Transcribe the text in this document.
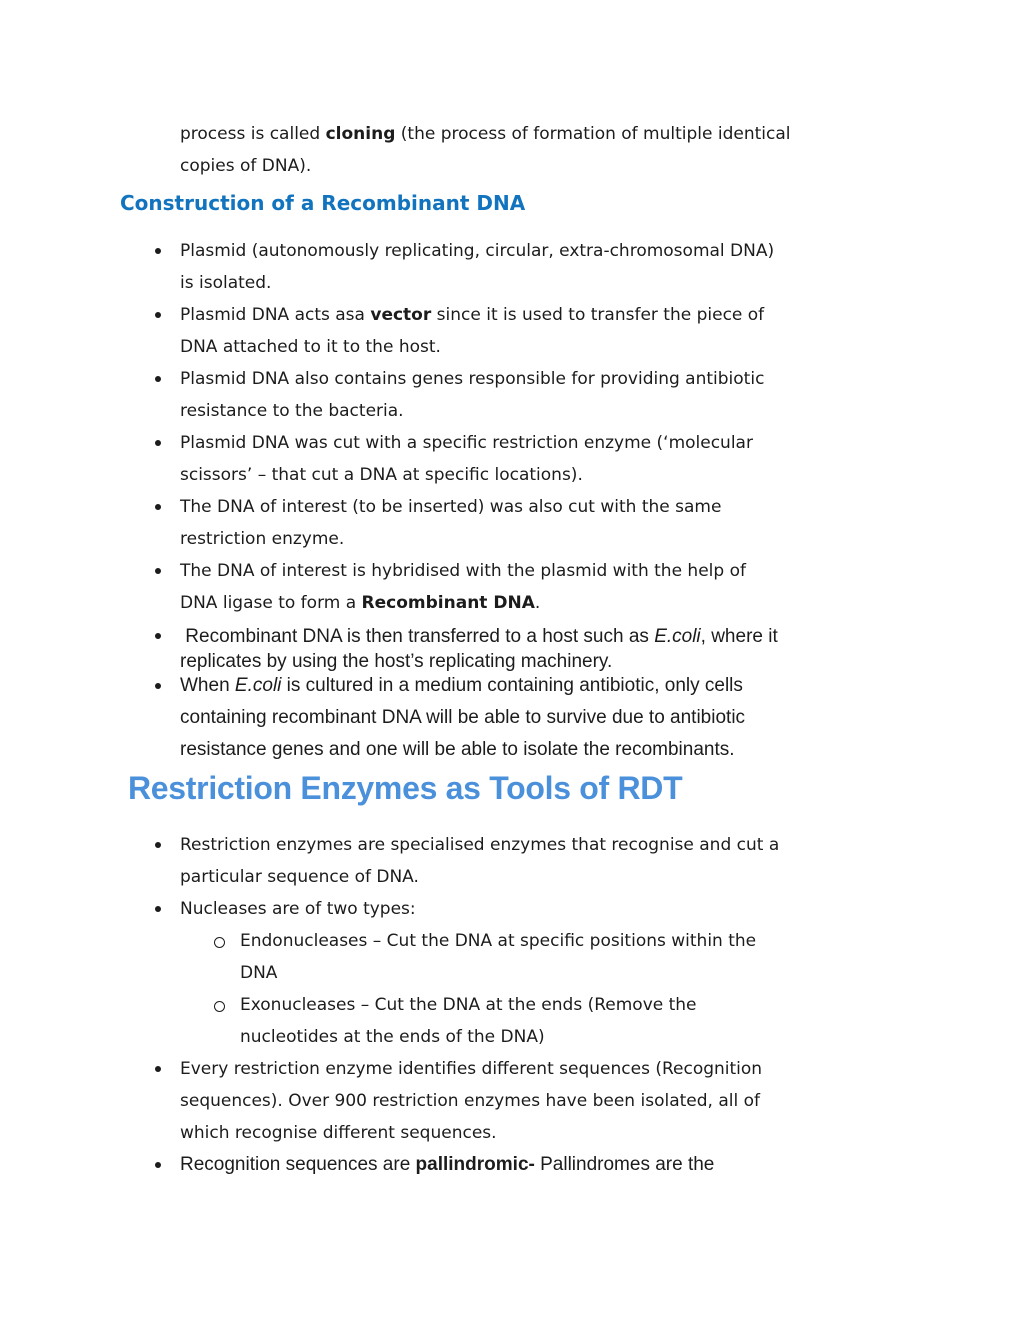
process is called cloning (the process of formation of multiple identical
copies of DNA).
Construction of a Recombinant DNA
Plasmid (autonomously replicating, circular, extra-chromosomal DNA)
is isolated.
Plasmid DNA acts asa vector since it is used to transfer the piece of
DNA attached to it to the host.
Plasmid DNA also contains genes responsible for providing antibiotic
resistance to the bacteria.
Plasmid DNA was cut with a specific restriction enzyme (‘molecular
scissors’ – that cut a DNA at specific locations).
The DNA of interest (to be inserted) was also cut with the same
restriction enzyme.
The DNA of interest is hybridised with the plasmid with the help of
DNA ligase to form a Recombinant DNA.
Recombinant DNA is then transferred to a host such as E.coli, where it
replicates by using the host’s replicating machinery.
When E.coli is cultured in a medium containing antibiotic, only cells
containing recombinant DNA will be able to survive due to antibiotic
resistance genes and one will be able to isolate the recombinants.
Restriction Enzymes as Tools of RDT
Restriction enzymes are specialised enzymes that recognise and cut a
particular sequence of DNA.
Nucleases are of two types:
Endonucleases – Cut the DNA at specific positions within the
DNA
Exonucleases – Cut the DNA at the ends (Remove the
nucleotides at the ends of the DNA)
Every restriction enzyme identifies different sequences (Recognition
sequences). Over 900 restriction enzymes have been isolated, all of
which recognise different sequences.
Recognition sequences are pallindromic- Pallindromes are the
